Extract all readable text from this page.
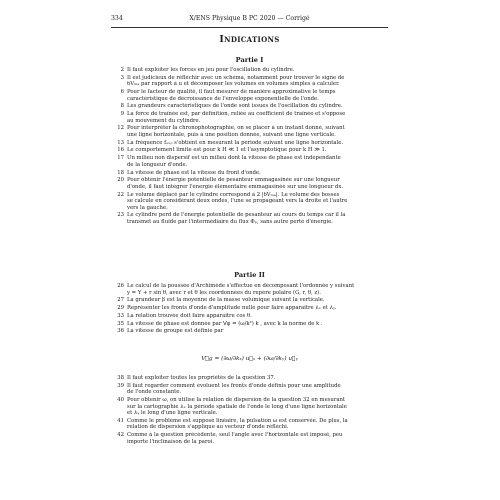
334	X/ENS Physique B PC 2020 — Corrigé
Indications
Partie I
2 Il faut exploiter les forces en jeu pour l'oscillation du cylindre.
3 Il est judicieux de réfléchir avec un schéma, notamment pour trouver le signe de
δVₘₐ par rapport à u et décomposer les volumes en volumes simples à calculer.
6 Pour le facteur de qualité, il faut mesurer de manière approximative le temps
caractéristique de décroissance de l'enveloppe exponentielle de l'onde.
8 Les grandeurs caractéristiques de l'onde sont issues de l'oscillation du cylindre.
9 La force de traînée est, par définition, reliée au coefficient de traînée et s'oppose
au mouvement du cylindre.
12 Pour interpréter la chronophotographie, on se placer à un instant donné, suivant
une ligne horizontale, puis à une position donnée, suivant une ligne verticale.
13 La fréquence fₑₓₚ s'obtient en mesurant la période suivant une ligne horizontale.
16 Le comportement limite est pour k H ≪ 1 et l'asymptotique pour k H ≫ 1.
17 Un milieu non dispersif est un milieu dont la vitesse de phase est indépendante
de la longueur d'onde.
18 La vitesse de phase est la vitesse du front d'onde.
20 Pour obtenir l'énergie potentielle de pesanteur emmagasinée sur une longueur
d'onde, il faut intégrer l'énergie élémentaire emmagasinée sur une longueur dx.
22 Le volume déplacé par le cylindre correspond à 2 |δVₘₐ|. Le volume des bosses
se calcule en considérant deux ondes, l'une se propageant vers la droite et l'autre
vers la gauche.
23 Le cylindre perd de l'énergie potentielle de pesanteur au cours du temps car il la
transmet au fluide par l'intermédiaire du flux Φₚ, sans autre perte d'énergie.
Partie II
26 Le calcul de la poussée d'Archimède s'effectue en décomposant l'ordonnée y suivant
y = Y + r sin θ, avec r et θ les coordonnées du repère polaire (G, r, θ, z).
27 La grandeur β est la moyenne de la masse volumique suivant la verticale.
29 Représenter les fronts d'onde d'amplitude nulle pour faire apparaître λₓ et λᵧ.
33 La relation trouvée doit faire apparaître cos θ.
35 La vitesse de phase est donnée par V⃗φ = (ω/k²) k⃗ , avec k la norme de k⃗ .
36 La vitesse de groupe est définie par
V⃗g = (∂ω/∂kₓ) u⃗ₓ + (∂ω/∂kᵧ) u⃗ᵧ
38 Il faut exploiter toutes les propriétés de la question 37.
39 Il faut regarder comment évoluent les fronts d'onde définis pour une amplitude
de l'onde constante.
40 Pour obtenir ω, on utilise la relation de dispersion de la question 32 en mesurant
sur la cartographie λₓ la période spatiale de l'onde le long d'une ligne horizontale
et λᵧ le long d'une ligne verticale.
41 Comme le problème est supposé linéaire, la pulsation ω est conservée. De plus, la
relation de dispersion s'applique au vecteur d'onde réfléchi.
42 Comme à la question précédente, seul l'angle avec l'horizontale est imposé, peu
importe l'inclinaison de la paroi.
